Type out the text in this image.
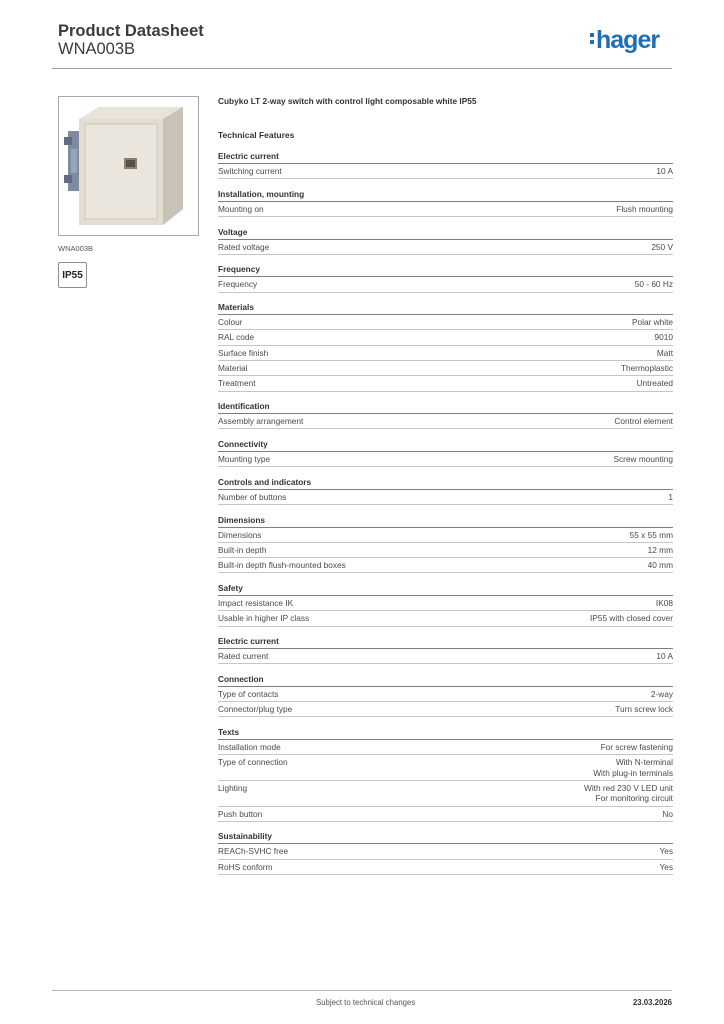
Product Datasheet
WNA003B	hager
WNA003B
IP55
Cubyko LT 2-way switch with control light composable white IP55
Technical Features
Electric current
Switching current	10 A
Installation, mounting
Mounting on	Flush mounting
Voltage
Rated voltage	250 V
Frequency
Frequency	50 - 60 Hz
Materials
Colour	Polar white
RAL code	9010
Surface finish	Matt
Material	Thermoplastic
Treatment	Untreated
Identification
Assembly arrangement	Control element
Connectivity
Mounting type	Screw mounting
Controls and indicators
Number of buttons	1
Dimensions
Dimensions	55 x 55 mm
Built-in depth	12 mm
Built-in depth flush-mounted boxes	40 mm
Safety
Impact resistance IK	IK08
Usable in higher IP class	IP55 with closed cover
Electric current
Rated current	10 A
Connection
Type of contacts	2-way
Connector/plug type	Turn screw lock
Texts
Installation mode	For screw fastening
Type of connection	With N-terminal
With plug-in terminals
Lighting	With red 230 V LED unit
For monitoring circuit
Push button	No
Sustainability
REACh-SVHC free	Yes
RoHS conform	Yes
Subject to technical changes	23.03.2026
